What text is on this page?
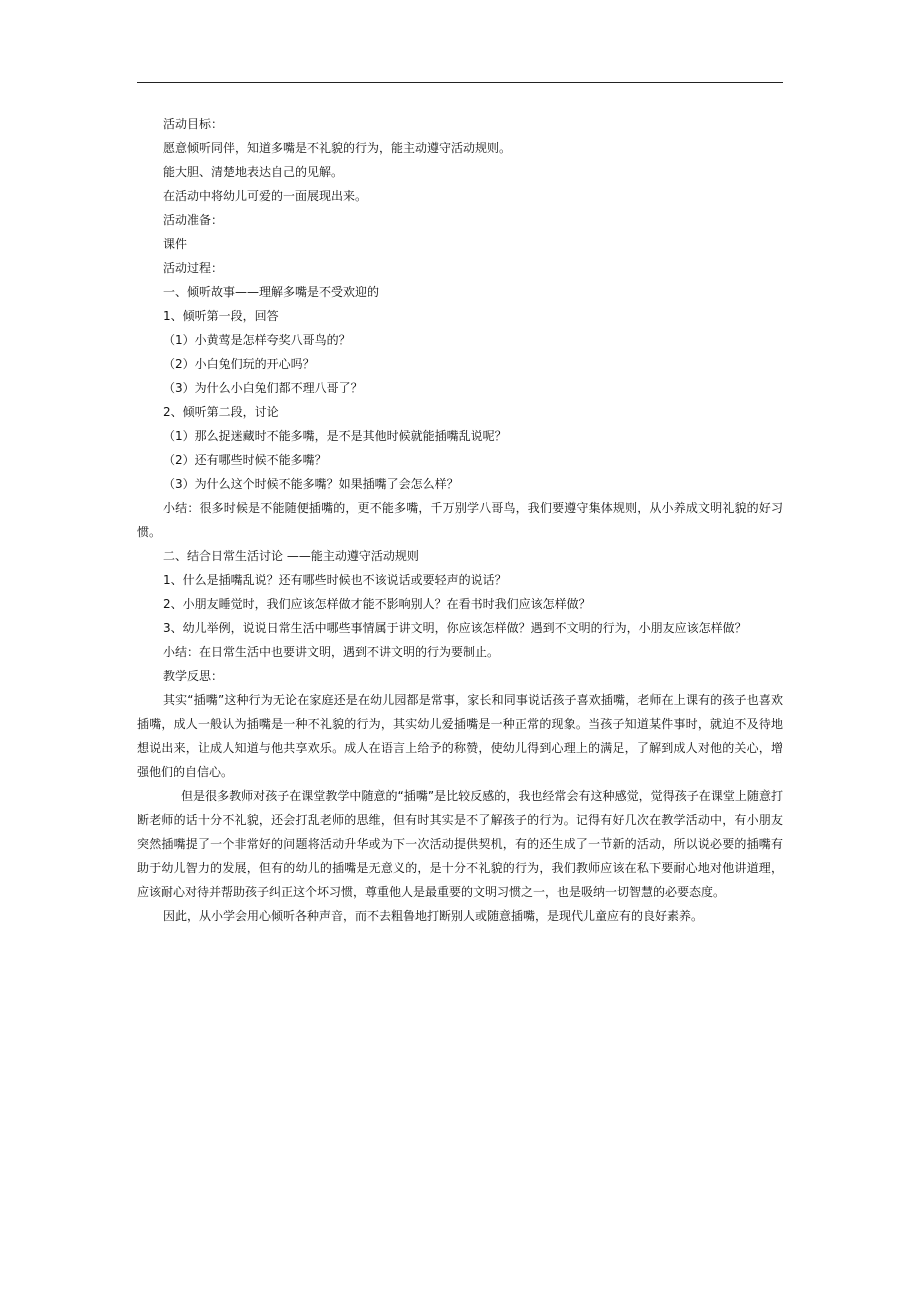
活动目标：

愿意倾听同伴，知道多嘴是不礼貌的行为，能主动遵守活动规则。

能大胆、清楚地表达自己的见解。

在活动中将幼儿可爱的一面展现出来。

活动准备：

课件

活动过程：

一、倾听故事——理解多嘴是不受欢迎的

1、倾听第一段，回答

（1）小黄莺是怎样夸奖八哥鸟的？

（2）小白兔们玩的开心吗？

（3）为什么小白兔们都不理八哥了？

2、倾听第二段，讨论

（1）那么捉迷藏时不能多嘴，是不是其他时候就能插嘴乱说呢？

（2）还有哪些时候不能多嘴？

（3）为什么这个时候不能多嘴？如果插嘴了会怎么样？

小结：很多时候是不能随便插嘴的，更不能多嘴，千万别学八哥鸟，我们要遵守集体规则，从小养成文明礼貌的好习惯。

二、结合日常生活讨论 ——能主动遵守活动规则

1、什么是插嘴乱说？还有哪些时候也不该说话或要轻声的说话？

2、小朋友睡觉时，我们应该怎样做才能不影响别人？在看书时我们应该怎样做？

3、幼儿举例，说说日常生活中哪些事情属于讲文明，你应该怎样做？遇到不文明的行为，小朋友应该怎样做？

小结：在日常生活中也要讲文明，遇到不讲文明的行为要制止。

教学反思：

其实“插嘴”这种行为无论在家庭还是在幼儿园都是常事，家长和同事说话孩子喜欢插嘴，老师在上课有的孩子也喜欢插嘴，成人一般认为插嘴是一种不礼貌的行为，其实幼儿爱插嘴是一种正常的现象。当孩子知道某件事时，就迫不及待地想说出来，让成人知道与他共享欢乐。成人在语言上给予的称赞，使幼儿得到心理上的满足，了解到成人对他的关心，增强他们的自信心。

但是很多教师对孩子在课堂教学中随意的“插嘴”是比较反感的，我也经常会有这种感觉，觉得孩子在课堂上随意打断老师的话十分不礼貌，还会打乱老师的思维，但有时其实是不了解孩子的行为。记得有好几次在教学活动中，有小朋友突然插嘴提了一个非常好的问题将活动升华或为下一次活动提供契机，有的还生成了一节新的活动，所以说必要的插嘴有助于幼儿智力的发展，但有的幼儿的插嘴是无意义的，是十分不礼貌的行为，我们教师应该在私下要耐心地对他讲道理，应该耐心对待并帮助孩子纠正这个坏习惯，尊重他人是最重要的文明习惯之一，也是吸纳一切智慧的必要态度。

因此，从小学会用心倾听各种声音，而不去粗鲁地打断别人或随意插嘴，是现代儿童应有的良好素养。
